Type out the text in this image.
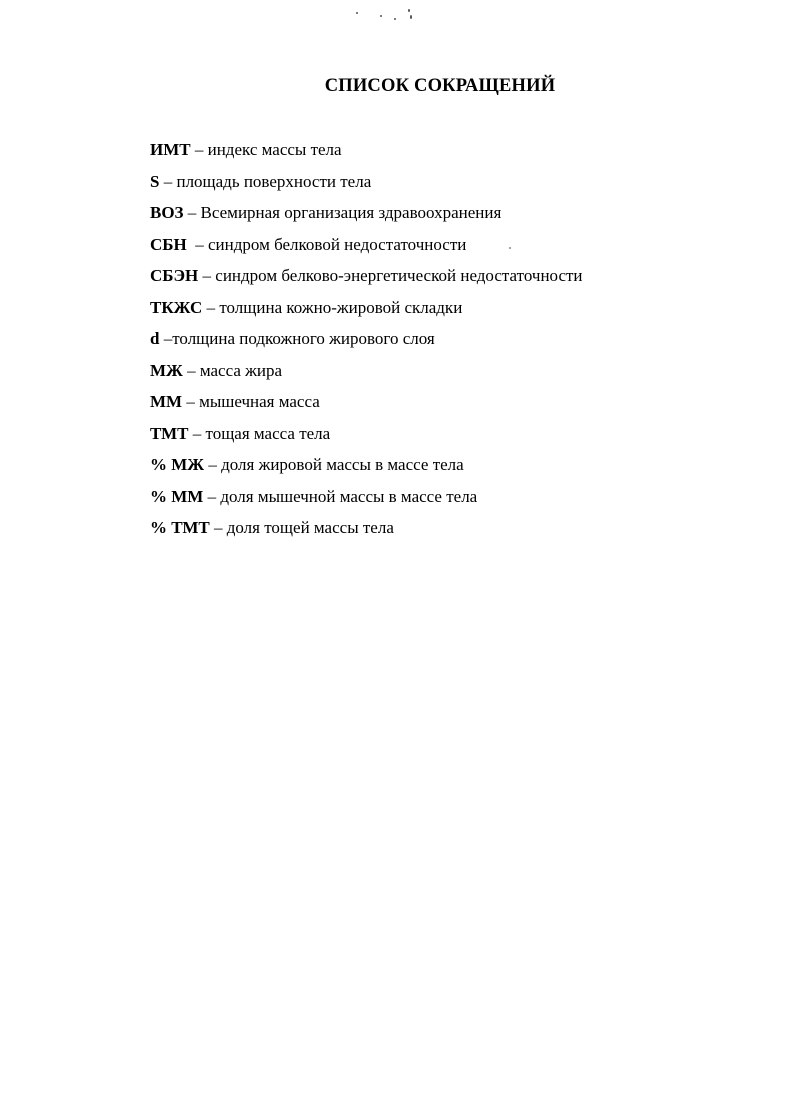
СПИСОК СОКРАЩЕНИЙ
ИМТ – индекс массы тела
S – площадь поверхности тела
ВОЗ – Всемирная организация здравоохранения
СБН  – синдром белковой недостаточности
СБЭН – синдром белково-энергетической недостаточности
ТКЖС – толщина кожно-жировой складки
d –толщина подкожного жирового слоя
МЖ – масса жира
ММ – мышечная масса
ТМТ – тощая масса тела
% МЖ – доля жировой массы в массе тела
% ММ – доля мышечной массы в массе тела
% ТМТ – доля тощей массы тела
